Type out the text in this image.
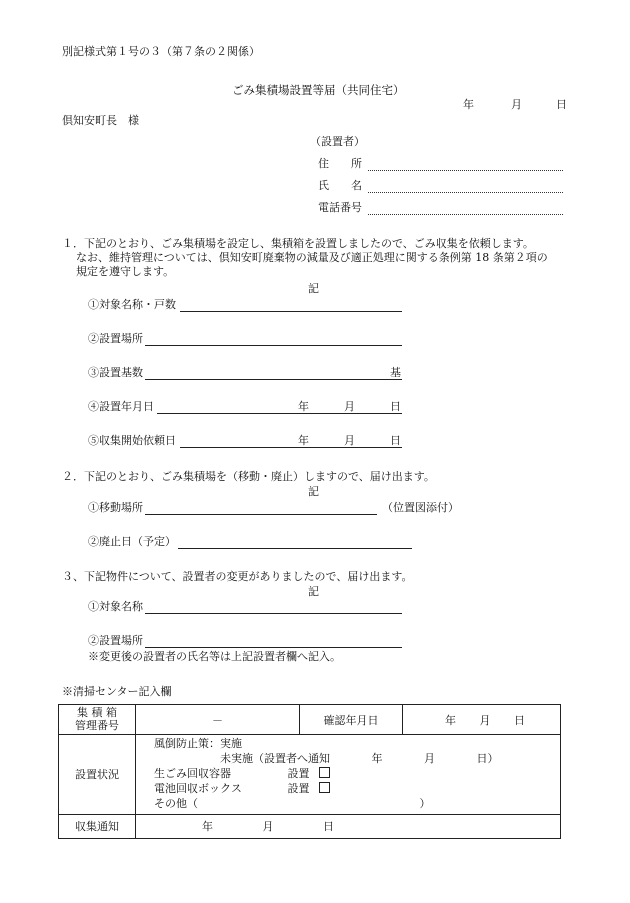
別記様式第１号の３（第７条の２関係）
ごみ集積場設置等届（共同住宅）
年	月	日
倶知安町長　様
（設置者）
住　　所
氏　　名
電話番号
１．下記のとおり、ごみ集積場を設定し、集積箱を設置しましたので、ごみ収集を依頼します。
なお、維持管理については、倶知安町廃棄物の減量及び適正処理に関する条例第 18 条第２項の
規定を遵守します。
記
①対象名称・戸数
②設置場所
③設置基数	基
④設置年月日	年	月	日
⑤収集開始依頼日	年	月	日
２．下記のとおり、ごみ集積場を（移動・廃止）しますので、届け出ます。
記
①移動場所	（位置図添付）
②廃止日（予定）
３、下記物件について、設置者の変更がありましたので、届け出ます。
記
①対象名称
②設置場所
※変更後の設置者の氏名等は上記設置者欄へ記入。
※清掃センター記入欄
集 積 箱
管理番号	－	確認年月日	年 月 日
設置状況	風倒防止策：実施
未実施（設置者へ通知 年 月 日）
生ごみ回収容器 設置
電池回収ボックス 設置
その他（ ）		

収集通知	年 月 日		
